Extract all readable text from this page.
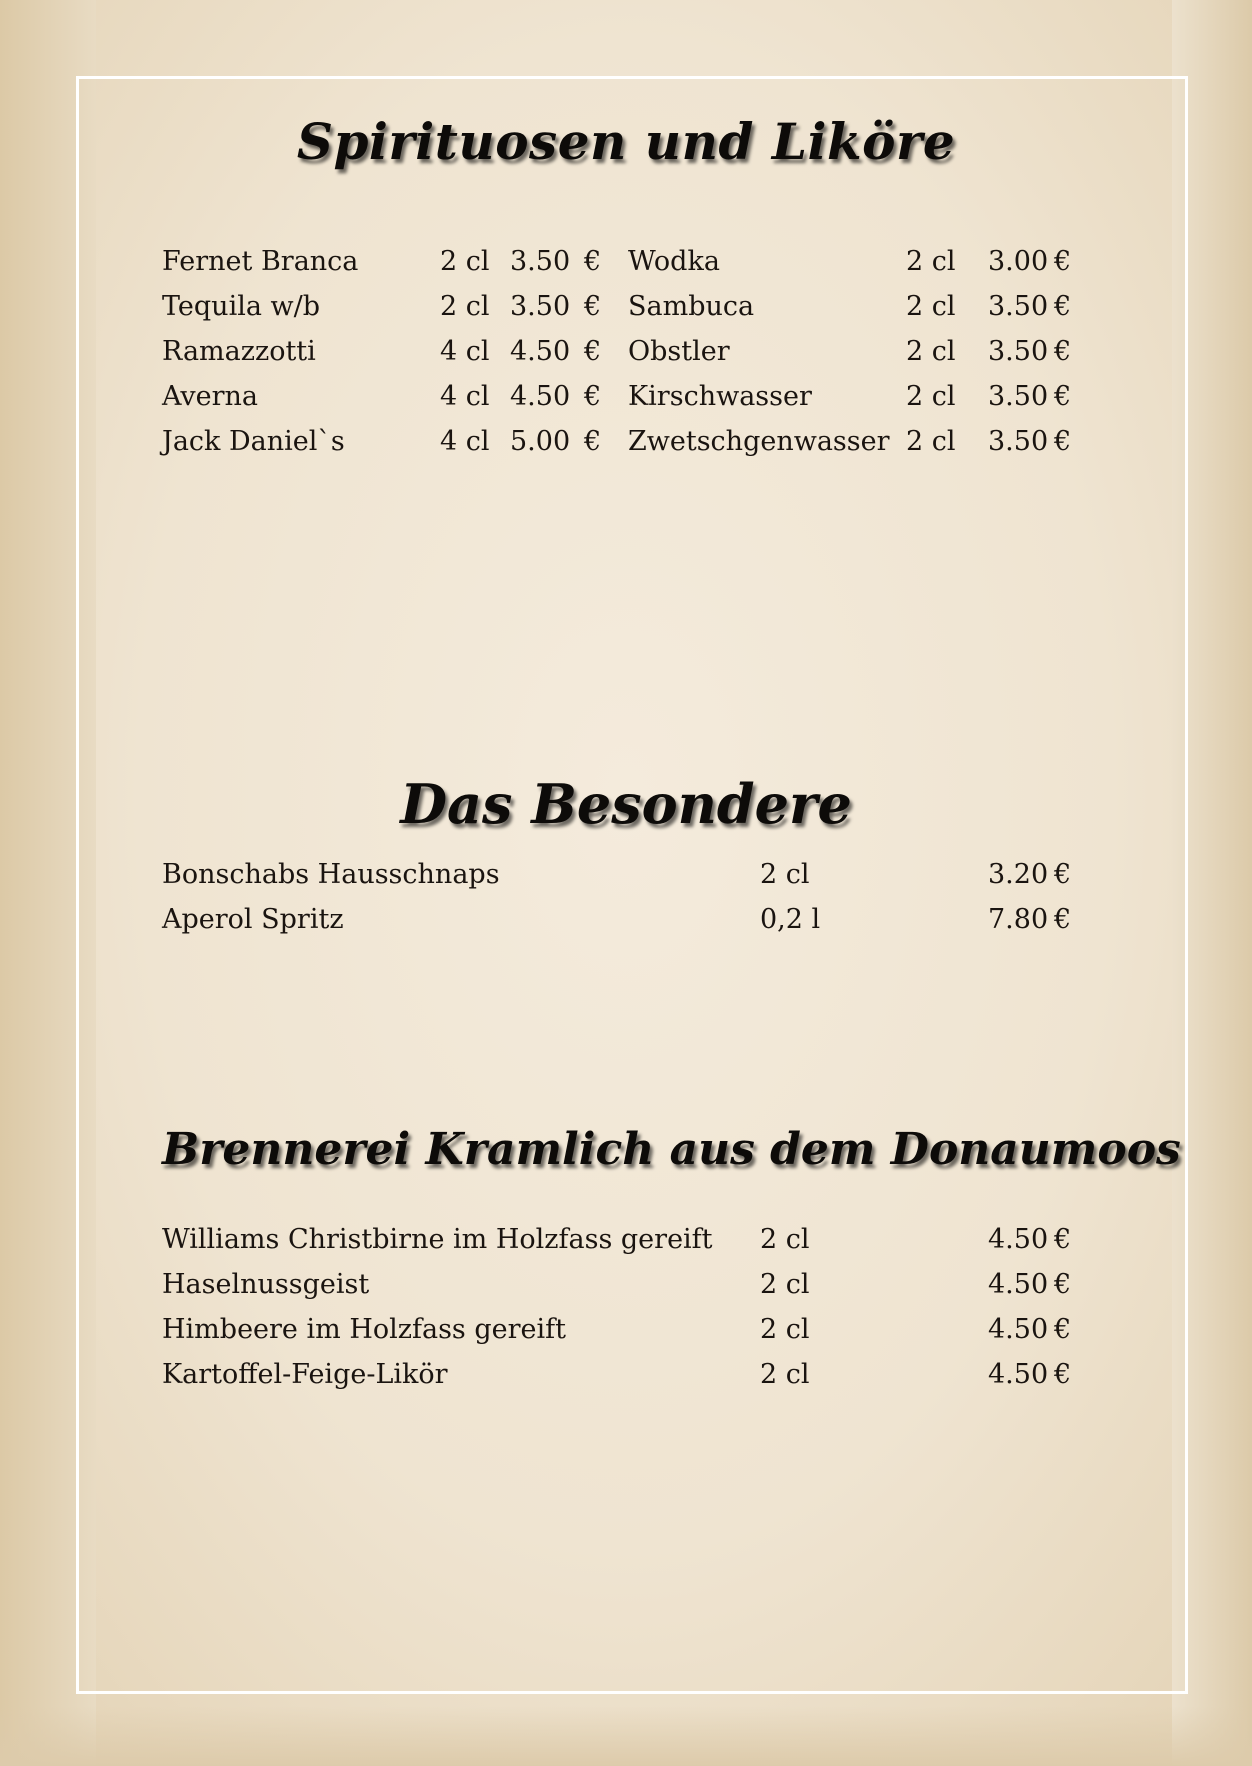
Spirituosen und Liköre
Fernet Branca	2 cl 3.50 €
Tequila w/b	2 cl 3.50 €
Ramazzotti	4 cl 4.50 €
Averna	4 cl 4.50 €
Jack Daniel`s	4 cl 5.00 €
Wodka	2 cl 3.00 €
Sambuca	2 cl 3.50 €
Obstler	2 cl 3.50 €
Kirschwasser	2 cl 3.50 €
Zwetschgenwasser 2 cl 3.50 €
Das Besondere
Bonschabs Hausschnaps	2 cl	3.20 €
Aperol Spritz	0,2 l	7.80 €
Brennerei Kramlich aus dem Donaumoos
Williams Christbirne im Holzfass gereift 2 cl	4.50 €
Haselnussgeist	2 cl	4.50 €
Himbeere im Holzfass gereift	2 cl	4.50 €
Kartoffel-Feige-Likör	2 cl	4.50 €
